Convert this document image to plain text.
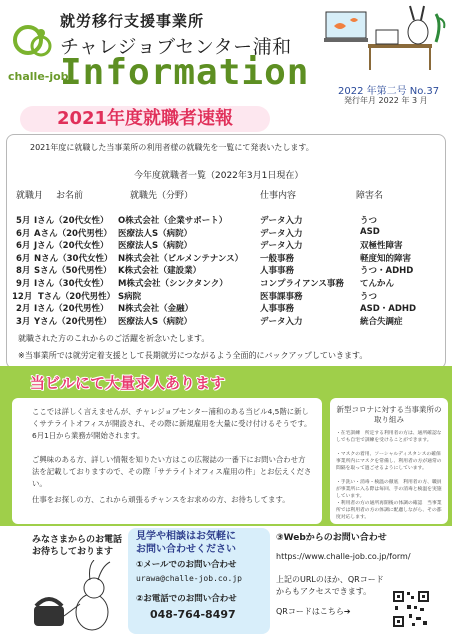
就労移行支援事業所
チャレジョブセンター浦和
challe-job
Information	2022 年第二号 No.37
発行年月 2022 年 3 月
2021年度就職者速報
2021年度に就職した当事業所の利用者様の就職先を一覧にて発表いたします。
今年度就職者一覧（2022年3月1日現在）
就職月 お名前	就職先（分野）	仕事内容	障害名
5月 Iさん（20代女性） O株式会社（企業サポート）	データ入力	うつ
6月 Aさん（20代男性） 医療法人S（病院）	データ入力	ASD
6月 Jさん（20代女性） 医療法人S（病院）	データ入力	双極性障害
6月 Nさん（30代女性） N株式会社（ビルメンテナンス） 一般事務	軽度知的障害
8月 Sさん（50代男性） K株式会社（建設業）	人事事務	うつ・ADHD
9月 Iさん（30代女性） M株式会社（シンクタンク）	コンプライアンス事務 てんかん
12月 Tさん（20代男性） S病院	医事課事務	うつ
2月 Iさん（20代男性） N株式会社（金融）	人事事務	ASD・ADHD
3月 Yさん（20代男性） 医療法人S（病院）	データ入力	統合失調症
就職された方のこれからのご活躍を祈念いたします。
※当事業所では就労定着支援として長期就労につながるよう全面的にバックアップしていきます。
当ビルにて大量求人あります
ここでは詳しく言えませんが、チャレジョブセンター浦和のある当ビル4,5階に新しくサテライトオフィスが開設され、その際に新規雇用を大量に受け付けるそうです。6月1日から業務が開始されます。
ご興味のある方、詳しい情報を知りたい方はこの広報誌の一番下にお問い合わせ方法を記載しておりますので、その際「サテライトオフィス雇用の件」とお伝えください。
仕事をお探しの方、これから頑張るチャンスをお求めの方、お待ちしてます。
新型コロナに対する当事業所の取り組み
・在宅訓練　所定する利用者の方は、通所確認なしでも自宅で訓練を受けることができます。
・マスクの着用、ソーシャルディスタンスの確保　事業所内にマスクを常備し、利用者の方が通常の間隔を取って過ごせるようにしています。
・手洗い・消毒・検温の徹底　利用者の方、職員が事業所に入る際は毎回、手の消毒と検温を実施しています。
・利用者の方の通所再開後の体調の確認　当事業所では利用者の方の体調に配慮しながら、その都度対応します。
みなさまからのお電話
お待ちしております
見学や相談はお気軽に
お問い合わせください
①メールでのお問い合わせ
urawa@challe-job.co.jp
②お電話でのお問い合わせ
048-764-8497
③Webからのお問い合わせ
https://www.challe-job.co.jp/form/
上記のURLのほか、QRコード
からもアクセスできます。
QRコードはこちら➔
